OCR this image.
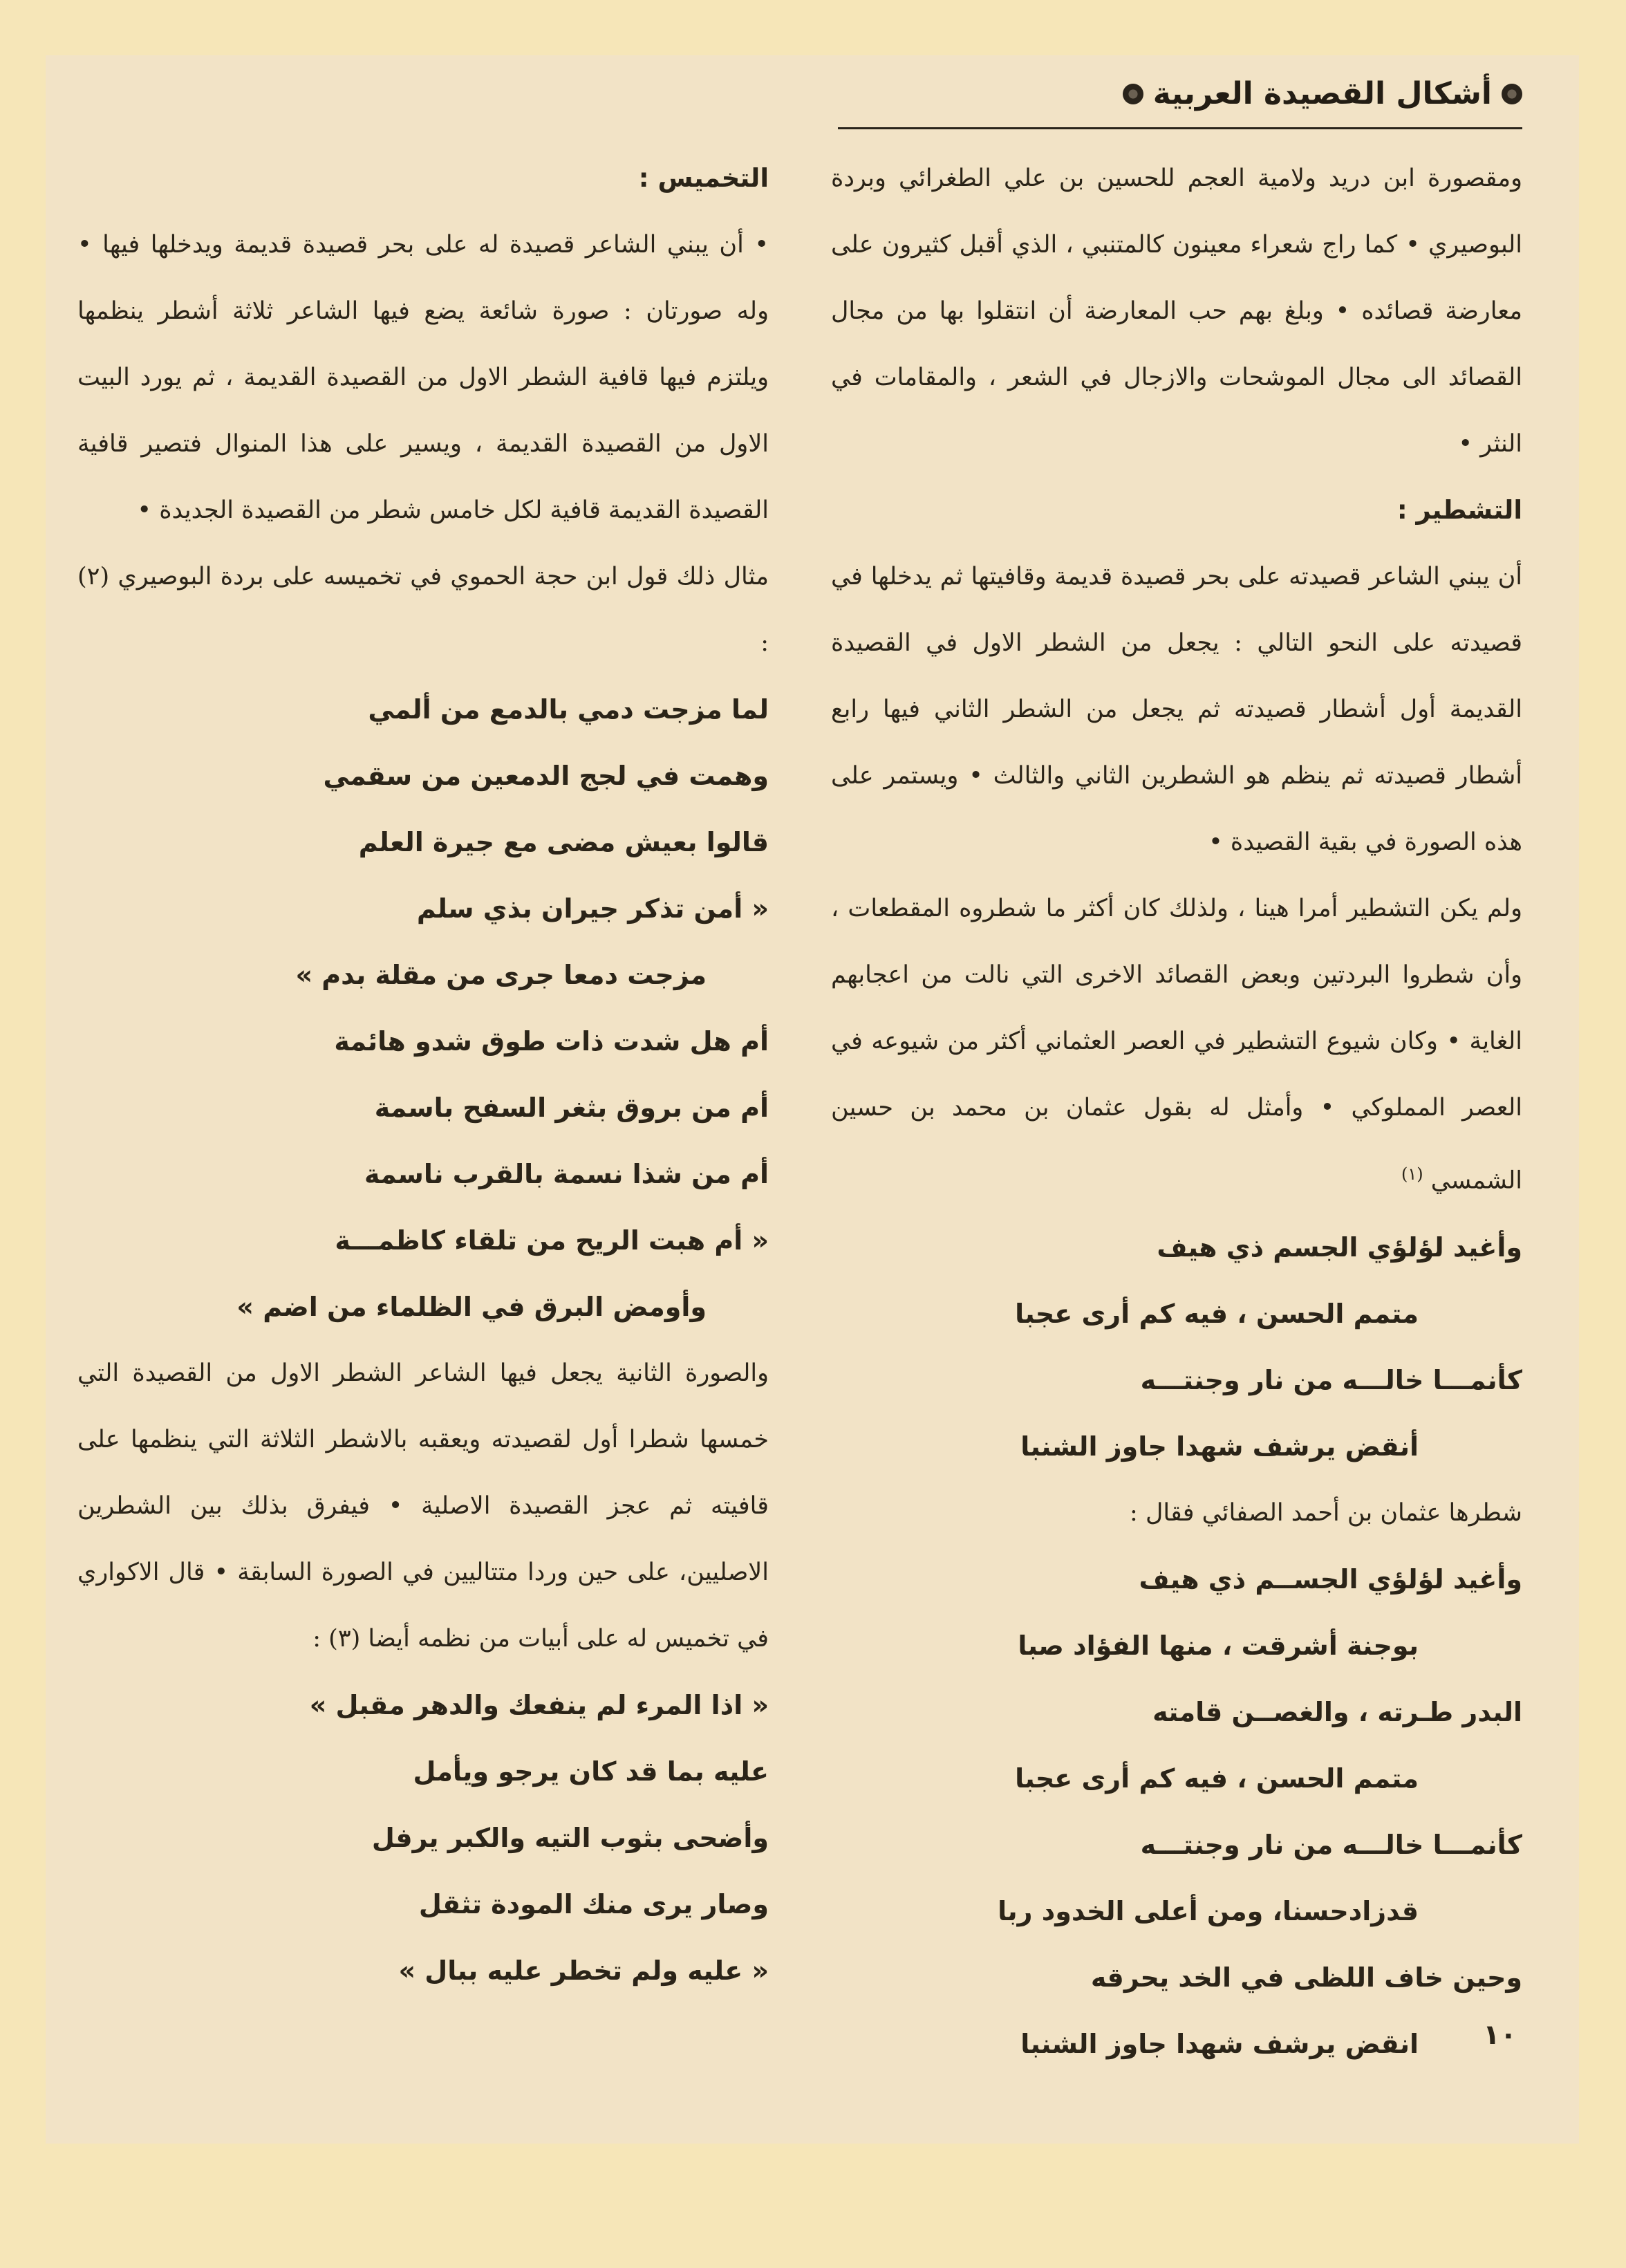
أشكال القصيدة العربية

ومقصورة ابن دريد ولامية العجم للحسين بن علي الطغرائي وبردة البوصيري • كما راج شعراء معينون كالمتنبي ، الذي أقبل كثيرون على معارضة قصائده • وبلغ بهم حب المعارضة أن انتقلوا بها من مجال القصائد الى مجال الموشحات والازجال في الشعر ، والمقامات في النثر •

التشطير :

أن يبني الشاعر قصيدته على بحر قصيدة قديمة وقافيتها ثم يدخلها في قصيدته على النحو التالي : يجعل من الشطر الاول في القصيدة القديمة أول أشطار قصيدته ثم يجعل من الشطر الثاني فيها رابع أشطار قصيدته ثم ينظم هو الشطرين الثاني والثالث • ويستمر على هذه الصورة في بقية القصيدة •

ولم يكن التشطير أمرا هينا ، ولذلك كان أكثر ما شطروه المقطعات ، وأن شطروا البردتين وبعض القصائد الاخرى التي نالت من اعجابهم الغاية • وكان شيوع التشطير في العصر العثماني أكثر من شيوعه في العصر المملوكي • وأمثل له بقول عثمان بن محمد بن حسين الشمسي $^{(١)}$

وأغيد لؤلؤي الجسم ذي هيف

متمم الحسن ، فيه كم أرى عجبا

كأنمـــا خالـــه من نار وجنتـــه

أنقض يرشف شهدا جاوز الشنبا

شطرها عثمان بن أحمد الصفائي فقال :

وأغيد لؤلؤي الجســم ذي هيف

بوجنة أشرقت ، منها الفؤاد صبا

البدر طـرته ، والغصــن قامته

متمم الحسن ، فيه كم أرى عجبا

كأنمـــا خالـــه من نار وجنتـــه

قدزادحسنا، ومن أعلى الخدود ربا

وحين خاف اللظى في الخد يحرقه

انقض يرشف شهدا جاوز الشنبا

التخميس :

• أن يبني الشاعر قصيدة له على بحر قصيدة قديمة ويدخلها فيها • وله صورتان : صورة شائعة يضع فيها الشاعر ثلاثة أشطر ينظمها ويلتزم فيها قافية الشطر الاول من القصيدة القديمة ، ثم يورد البيت الاول من القصيدة القديمة ، ويسير على هذا المنوال فتصير قافية القصيدة القديمة قافية لكل خامس شطر من القصيدة الجديدة •

مثال ذلك قول ابن حجة الحموي في تخميسه على بردة البوصيري (٢) :

لما مزجت دمي بالدمع من ألمي

وهمت في لجج الدمعين من سقمي

قالوا بعيش مضى مع جيرة العلم

« أمن تذكر جيران بذي سلم

مزجت دمعا جرى من مقلة بدم »

أم هل شدت ذات طوق شدو هائمة

أم من بروق بثغر السفح باسمة

أم من شذا نسمة بالقرب ناسمة

« أم هبت الريح من تلقاء كاظمـــة

وأومض البرق في الظلماء من اضم »

والصورة الثانية يجعل فيها الشاعر الشطر الاول من القصيدة التي خمسها شطرا أول لقصيدته ويعقبه بالاشطر الثلاثة التي ينظمها على قافيته ثم عجز القصيدة الاصلية • فيفرق بذلك بين الشطرين الاصليين، على حين وردا متتاليين في الصورة السابقة • قال الاكواري في تخميس له على أبيات من نظمه أيضا (٣) :

« اذا المرء لم ينفعك والدهر مقبل »

عليه بما قد كان يرجو ويأمل

وأضحى بثوب التيه والكبر يرفل

وصار يرى منك المودة تثقل

« عليه ولم تخطر عليه ببال »

١٠
